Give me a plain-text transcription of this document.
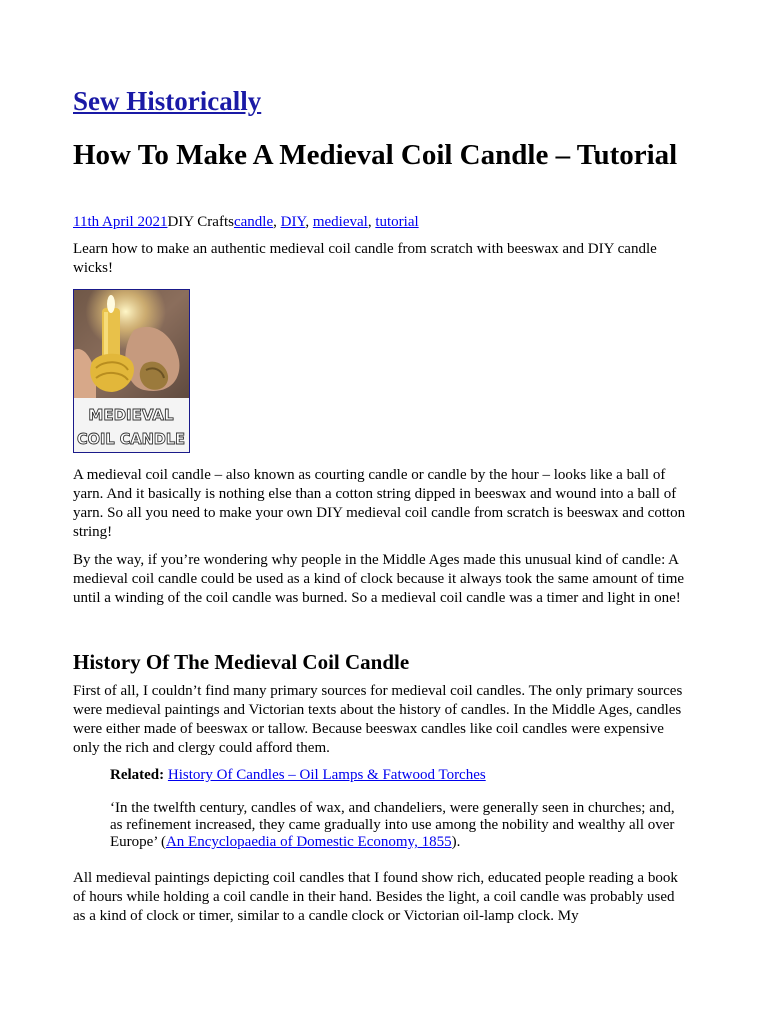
Sew Historically
How To Make A Medieval Coil Candle – Tutorial
11th April 2021DIY Craftscandle, DIY, medieval, tutorial

Learn how to make an authentic medieval coil candle from scratch with beeswax and DIY candle wicks!

MEDIEVAL
COIL CANDLE

A medieval coil candle – also known as courting candle or candle by the hour – looks like a ball of yarn. And it basically is nothing else than a cotton string dipped in beeswax and wound into a ball of yarn. So all you need to make your own DIY medieval coil candle from scratch is beeswax and cotton string!

By the way, if you’re wondering why people in the Middle Ages made this unusual kind of candle: A medieval coil candle could be used as a kind of clock because it always took the same amount of time until a winding of the coil candle was burned. So a medieval coil candle was a timer and light in one!

History Of The Medieval Coil Candle

First of all, I couldn’t find many primary sources for medieval coil candles. The only primary sources were medieval paintings and Victorian texts about the history of candles. In the Middle Ages, candles were either made of beeswax or tallow. Because beeswax candles like coil candles were expensive only the rich and clergy could afford them.

Related: History Of Candles – Oil Lamps & Fatwood Torches

‘In the twelfth century, candles of wax, and chandeliers, were generally seen in churches; and, as refinement increased, they came gradually into use among the nobility and wealthy all over Europe’ (An Encyclopaedia of Domestic Economy, 1855).

All medieval paintings depicting coil candles that I found show rich, educated people reading a book of hours while holding a coil candle in their hand. Besides the light, a coil candle was probably used as a kind of clock or timer, similar to a candle clock or Victorian oil-lamp clock. My
